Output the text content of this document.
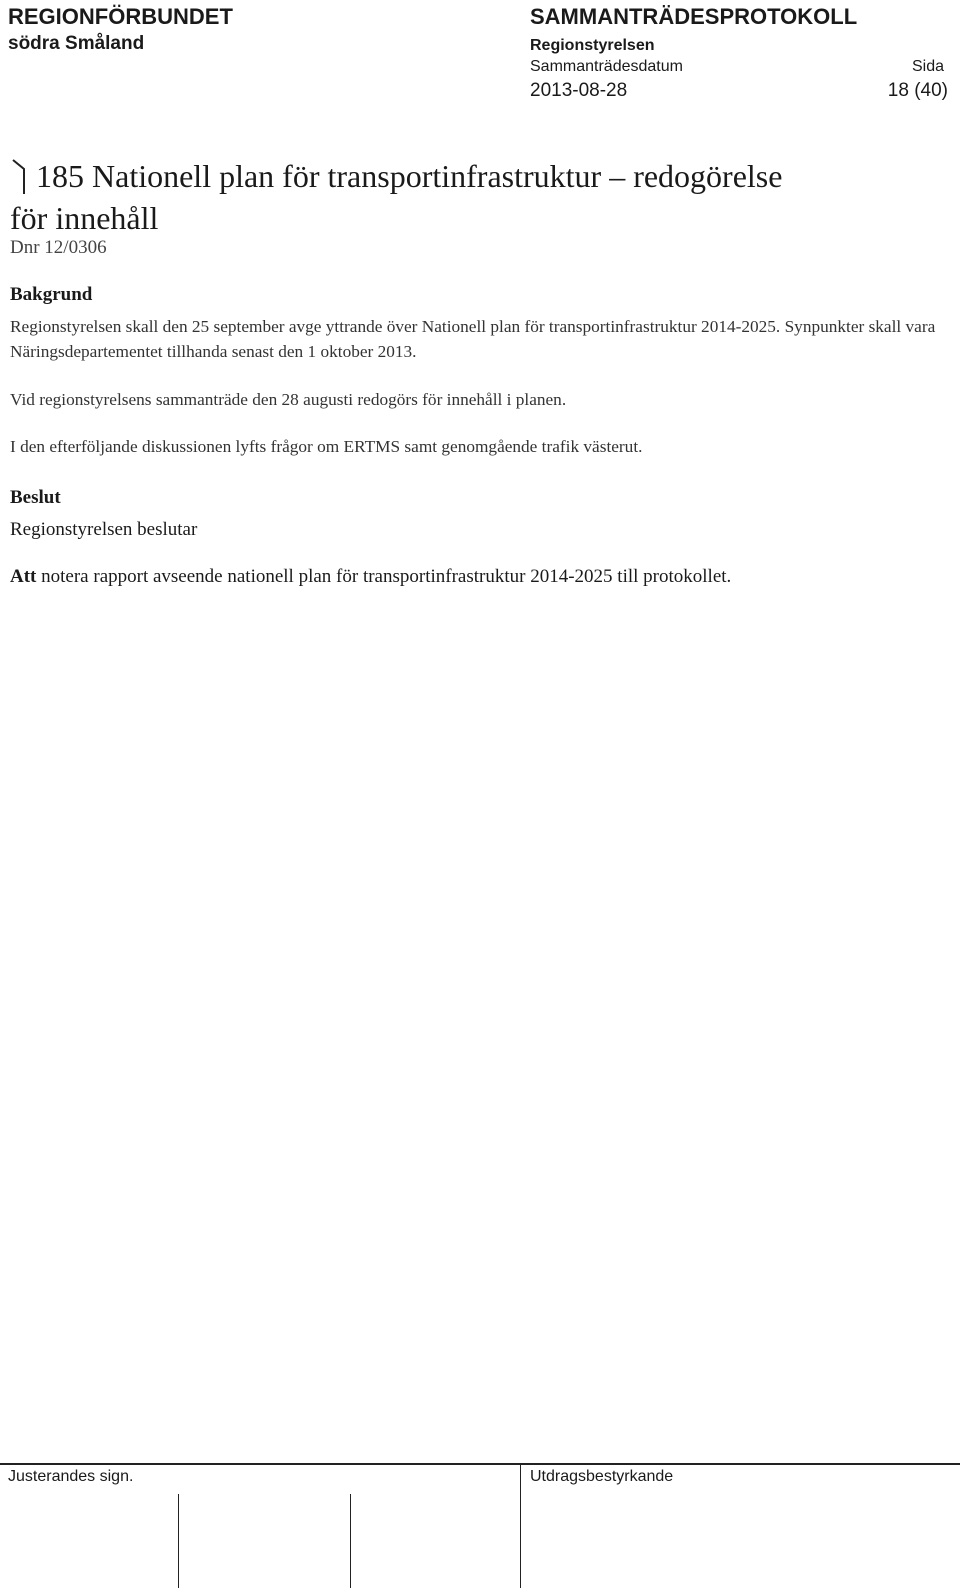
REGIONFÖRBUNDET
södra Småland
SAMMANTRÄDESPROTOKOLL
Regionstyrelsen
Sammanträdesdatum	Sida
2013-08-28	18 (40)
185 Nationell plan för transportinfrastruktur – redogörelse
för innehåll
Dnr 12/0306
Bakgrund
Regionstyrelsen skall den 25 september avge yttrande över Nationell plan för transportinfrastruktur 2014-2025. Synpunkter skall vara Näringsdepartementet tillhanda senast den 1 oktober 2013.
Vid regionstyrelsens sammanträde den 28 augusti redogörs för innehåll i planen.
I den efterföljande diskussionen lyfts frågor om ERTMS samt genomgående trafik västerut.
Beslut
Regionstyrelsen beslutar
Att notera rapport avseende nationell plan för transportinfrastruktur 2014-2025 till protokollet.
Justerandes sign.	Utdragsbestyrkande
